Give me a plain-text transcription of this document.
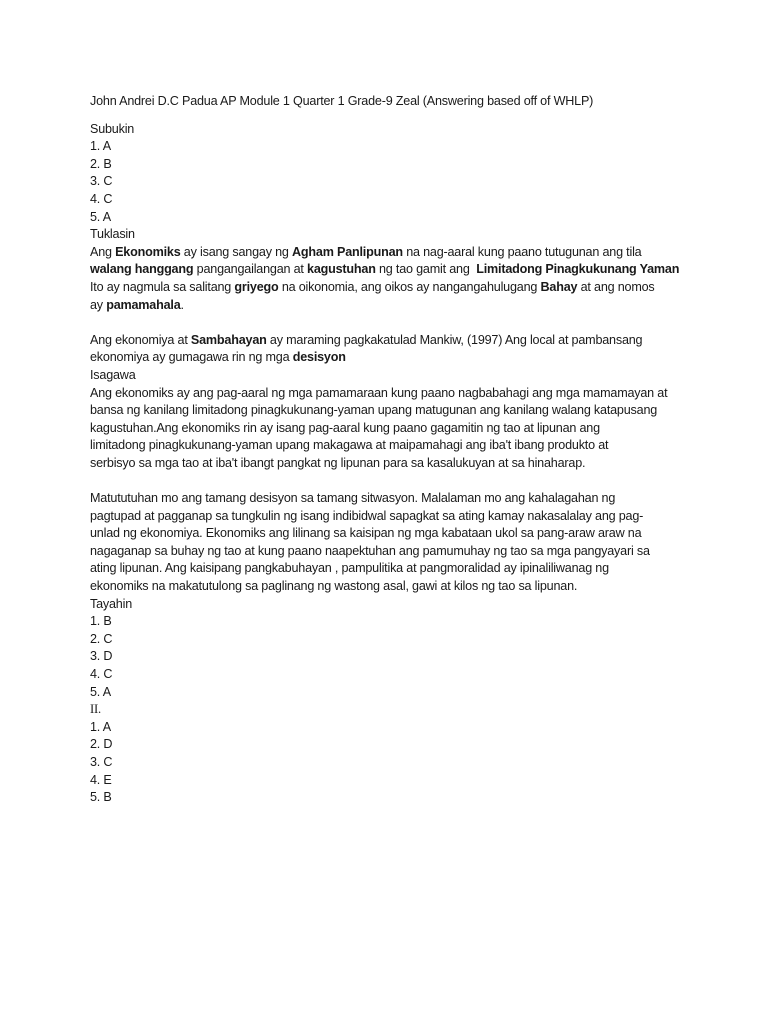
John Andrei D.C Padua AP Module 1 Quarter 1 Grade-9 Zeal (Answering based off of WHLP)

Subukin

1. A

2. B

3. C

4. C

5. A

Tuklasin

Ang Ekonomiks ay isang sangay ng Agham Panlipunan na nag-aaral kung paano tutugunan ang tila

walang hanggang pangangailangan at kagustuhan ng tao gamit ang  Limitadong Pinagkukunang Yaman

Ito ay nagmula sa salitang griyego na oikonomia, ang oikos ay nangangahulugang Bahay at ang nomos

ay pamamahala.

Ang ekonomiya at Sambahayan ay maraming pagkakatulad Mankiw, (1997) Ang local at pambansang

ekonomiya ay gumagawa rin ng mga desisyon

Isagawa

Ang ekonomiks ay ang pag-aaral ng mga pamamaraan kung paano nagbabahagi ang mga mamamayan at

bansa ng kanilang limitadong pinagkukunang-yaman upang matugunan ang kanilang walang katapusang

kagustuhan.Ang ekonomiks rin ay isang pag-aaral kung paano gagamitin ng tao at lipunan ang

limitadong pinagkukunang-yaman upang makagawa at maipamahagi ang iba't ibang produkto at

serbisyo sa mga tao at iba't ibangt pangkat ng lipunan para sa kasalukuyan at sa hinaharap.

Matututuhan mo ang tamang desisyon sa tamang sitwasyon. Malalaman mo ang kahalagahan ng

pagtupad at pagganap sa tungkulin ng isang indibidwal sapagkat sa ating kamay nakasalalay ang pag-

unlad ng ekonomiya. Ekonomiks ang lilinang sa kaisipan ng mga kabataan ukol sa pang-araw araw na

nagaganap sa buhay ng tao at kung paano naapektuhan ang pamumuhay ng tao sa mga pangyayari sa

ating lipunan. Ang kaisipang pangkabuhayan , pampulitika at pangmoralidad ay ipinaliliwanag ng

ekonomiks na makatutulong sa paglinang ng wastong asal, gawi at kilos ng tao sa lipunan.

Tayahin

1. B

2. C

3. D

4. C

5. A

II.

1. A

2. D

3. C

4. E

5. B
